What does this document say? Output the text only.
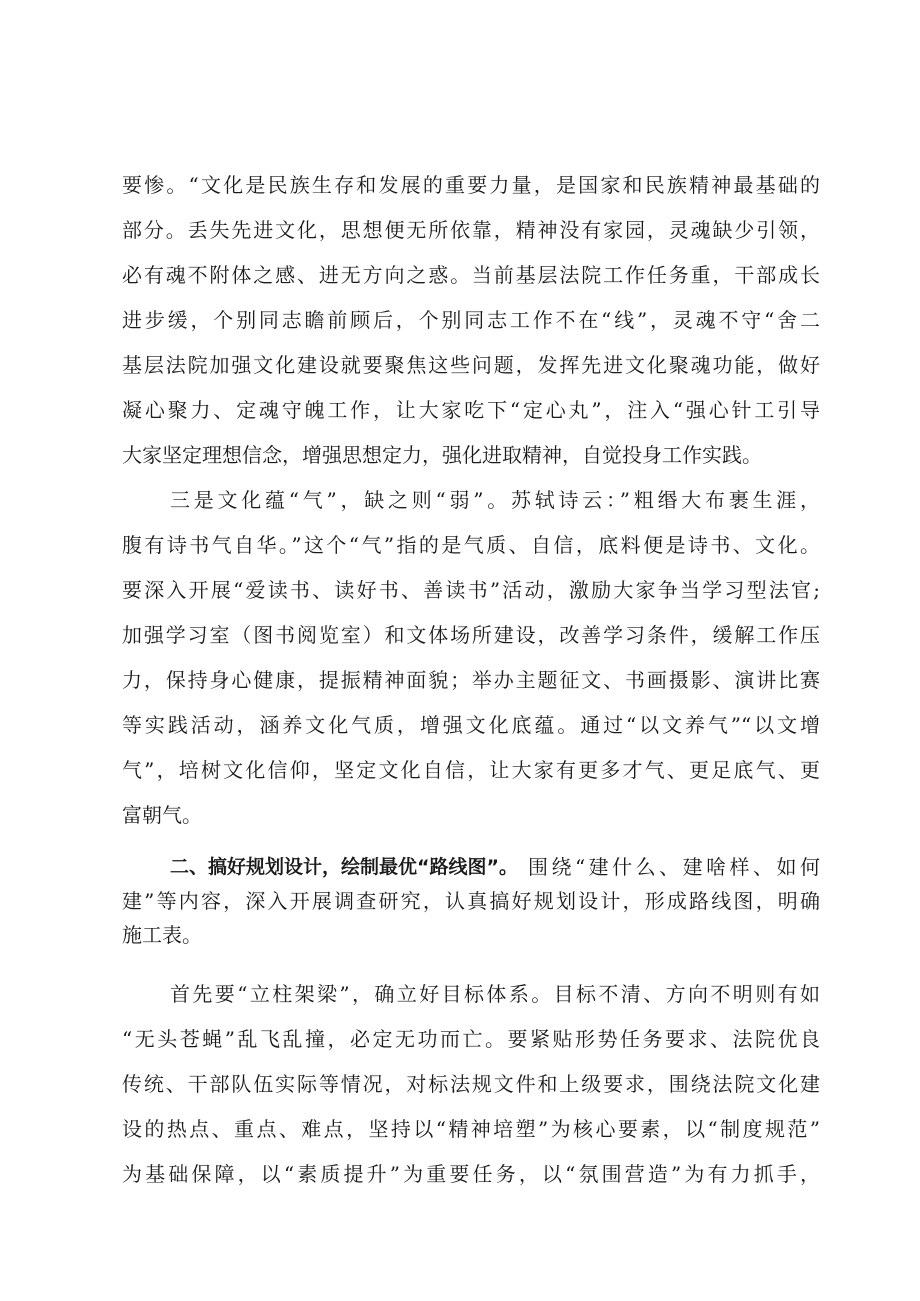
要惨。“文化是民族生存和发展的重要力量，是国家和民族精神最基础的
部分。丢失先进文化，思想便无所依靠，精神没有家园，灵魂缺少引领，
必有魂不附体之感、进无方向之惑。当前基层法院工作任务重，干部成长
进步缓，个别同志瞻前顾后，个别同志工作不在“线”，灵魂不守“舍二
基层法院加强文化建设就要聚焦这些问题，发挥先进文化聚魂功能，做好
凝心聚力、定魂守魄工作，让大家吃下“定心丸”，注入“强心针工引导
大家坚定理想信念，增强思想定力，强化进取精神，自觉投身工作实践。
三是文化蕴“气”，缺之则“弱”。苏轼诗云：”粗缗大布裹生涯，
腹有诗书气自华。”这个“气”指的是气质、自信，底料便是诗书、文化。
要深入开展“爱读书、读好书、善读书”活动，激励大家争当学习型法官;
加强学习室（图书阅览室）和文体场所建设，改善学习条件，缓解工作压
力，保持身心健康，提振精神面貌；举办主题征文、书画摄影、演讲比赛
等实践活动，涵养文化气质，增强文化底蕴。通过“以文养气”“以文增
气”，培树文化信仰，坚定文化自信，让大家有更多才气、更足底气、更
富朝气。
二、搞好规划设计，绘制最优“路线图”。 围绕“建什么、建啥样、如何
建”等内容，深入开展调查研究，认真搞好规划设计，形成路线图，明确
施工表。
首先要“立柱架梁”，确立好目标体系。目标不清、方向不明则有如
“无头苍蝇”乱飞乱撞，必定无功而亡。要紧贴形势任务要求、法院优良
传统、干部队伍实际等情况，对标法规文件和上级要求，围绕法院文化建
设的热点、重点、难点，坚持以“精神培塑”为核心要素，以“制度规范”
为基础保障，以“素质提升”为重要任务，以“氛围营造”为有力抓手，
